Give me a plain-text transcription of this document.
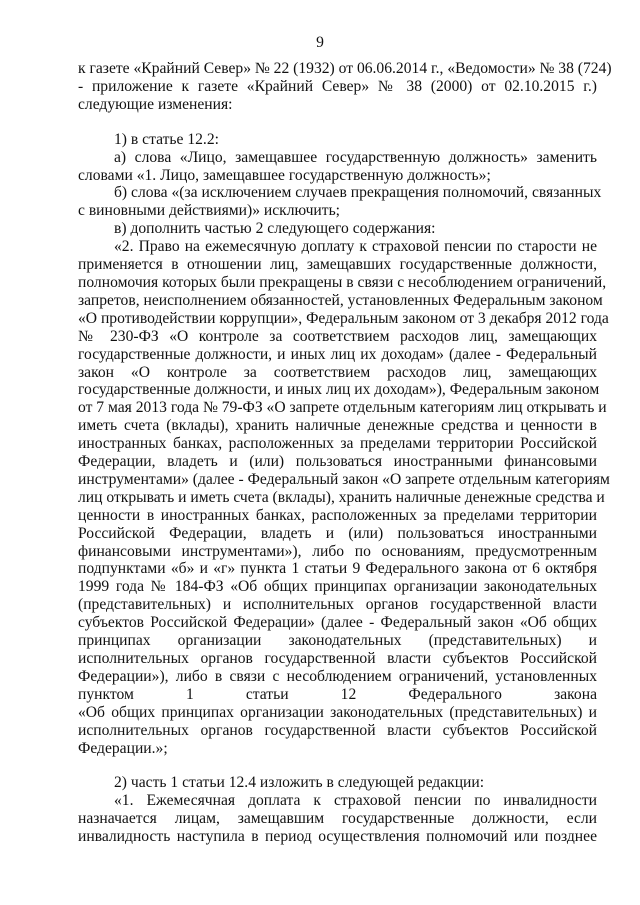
9
к газете «Крайний Север» № 22 (1932) от 06.06.2014 г., «Ведомости» № 38 (724)
- приложение к газете «Крайний Север» № 38 (2000) от 02.10.2015 г.)
следующие изменения:
1) в статье 12.2:
а) слова «Лицо, замещавшее государственную должность» заменить
словами «1. Лицо, замещавшее государственную должность»;
б) слова «(за исключением случаев прекращения полномочий, связанных
с виновными действиями)» исключить;
в) дополнить частью 2 следующего содержания:
«2. Право на ежемесячную доплату к страховой пенсии по старости не
применяется в отношении лиц, замещавших государственные должности,
полномочия которых были прекращены в связи с несоблюдением ограничений,
запретов, неисполнением обязанностей, установленных Федеральным законом
«О противодействии коррупции», Федеральным законом от 3 декабря 2012 года
№ 230-ФЗ «О контроле за соответствием расходов лиц, замещающих
государственные должности, и иных лиц их доходам» (далее - Федеральный
закон «О контроле за соответствием расходов лиц, замещающих
государственные должности, и иных лиц их доходам»), Федеральным законом
от 7 мая 2013 года № 79-ФЗ «О запрете отдельным категориям лиц открывать и
иметь счета (вклады), хранить наличные денежные средства и ценности в
иностранных банках, расположенных за пределами территории Российской
Федерации, владеть и (или) пользоваться иностранными финансовыми
инструментами» (далее - Федеральный закон «О запрете отдельным категориям
лиц открывать и иметь счета (вклады), хранить наличные денежные средства и
ценности в иностранных банках, расположенных за пределами территории
Российской Федерации, владеть и (или) пользоваться иностранными
финансовыми инструментами»), либо по основаниям, предусмотренным
подпунктами «б» и «г» пункта 1 статьи 9 Федерального закона от 6 октября
1999 года № 184-ФЗ «Об общих принципах организации законодательных
(представительных) и исполнительных органов государственной власти
субъектов Российской Федерации» (далее - Федеральный закон «Об общих
принципах организации законодательных (представительных) и
исполнительных органов государственной власти субъектов Российской
Федерации»), либо в связи с несоблюдением ограничений, установленных
пунктом 1 статьи 12 Федерального закона
«Об общих принципах организации законодательных (представительных) и
исполнительных органов государственной власти субъектов Российской
Федерации.»;
2) часть 1 статьи 12.4 изложить в следующей редакции:
«1. Ежемесячная доплата к страховой пенсии по инвалидности
назначается лицам, замещавшим государственные должности, если
инвалидность наступила в период осуществления полномочий или позднее
